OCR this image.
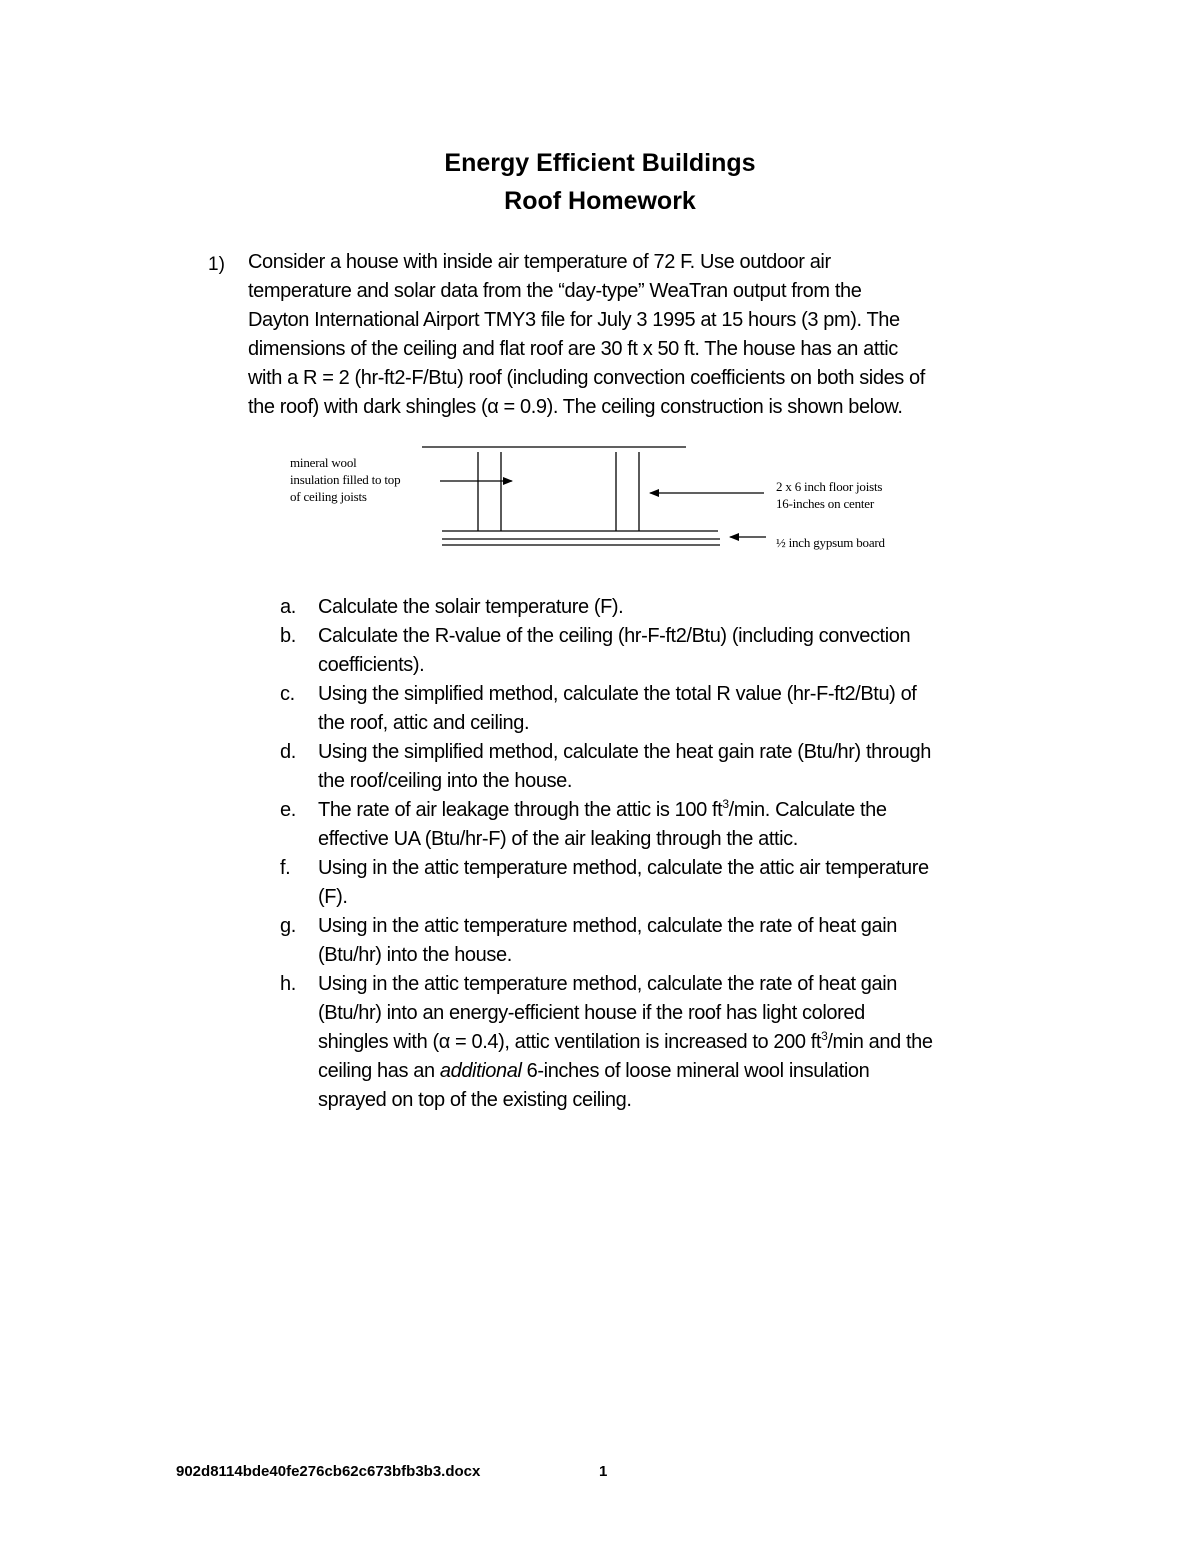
Energy Efficient Buildings
Roof Homework
1) Consider a house with inside air temperature of 72 F. Use outdoor air
temperature and solar data from the “day-type” WeaTran output from the
Dayton International Airport TMY3 file for July 3 1995 at 15 hours (3 pm). The
dimensions of the ceiling and flat roof are 30 ft x 50 ft. The house has an attic
with a R = 2 (hr-ft2-F/Btu) roof (including convection coefficients on both sides of
the roof) with dark shingles (α = 0.9). The ceiling construction is shown below.
mineral wool
insulation filled to top
of ceiling joists
2 x 6 inch floor joists
16-inches on center
½ inch gypsum board
a. Calculate the solair temperature (F).
b. Calculate the R-value of the ceiling (hr-F-ft2/Btu) (including convection
coefficients).
c. Using the simplified method, calculate the total R value (hr-F-ft2/Btu) of
the roof, attic and ceiling.
d. Using the simplified method, calculate the heat gain rate (Btu/hr) through
the roof/ceiling into the house.
e. The rate of air leakage through the attic is 100 $ft^3/\min$. Calculate the
effective UA (Btu/hr-F) of the air leaking through the attic.
f. Using in the attic temperature method, calculate the attic air temperature
(F).
g. Using in the attic temperature method, calculate the rate of heat gain
(Btu/hr) into the house.
h. Using in the attic temperature method, calculate the rate of heat gain
(Btu/hr) into an energy-efficient house if the roof has light colored
shingles with (α = 0.4), attic ventilation is increased to 200 $ft^3/\min$ and the
ceiling has an additional 6-inches of loose mineral wool insulation
sprayed on top of the existing ceiling.
902d8114bde40fe276cb62c673bfb3b3.docx	1
